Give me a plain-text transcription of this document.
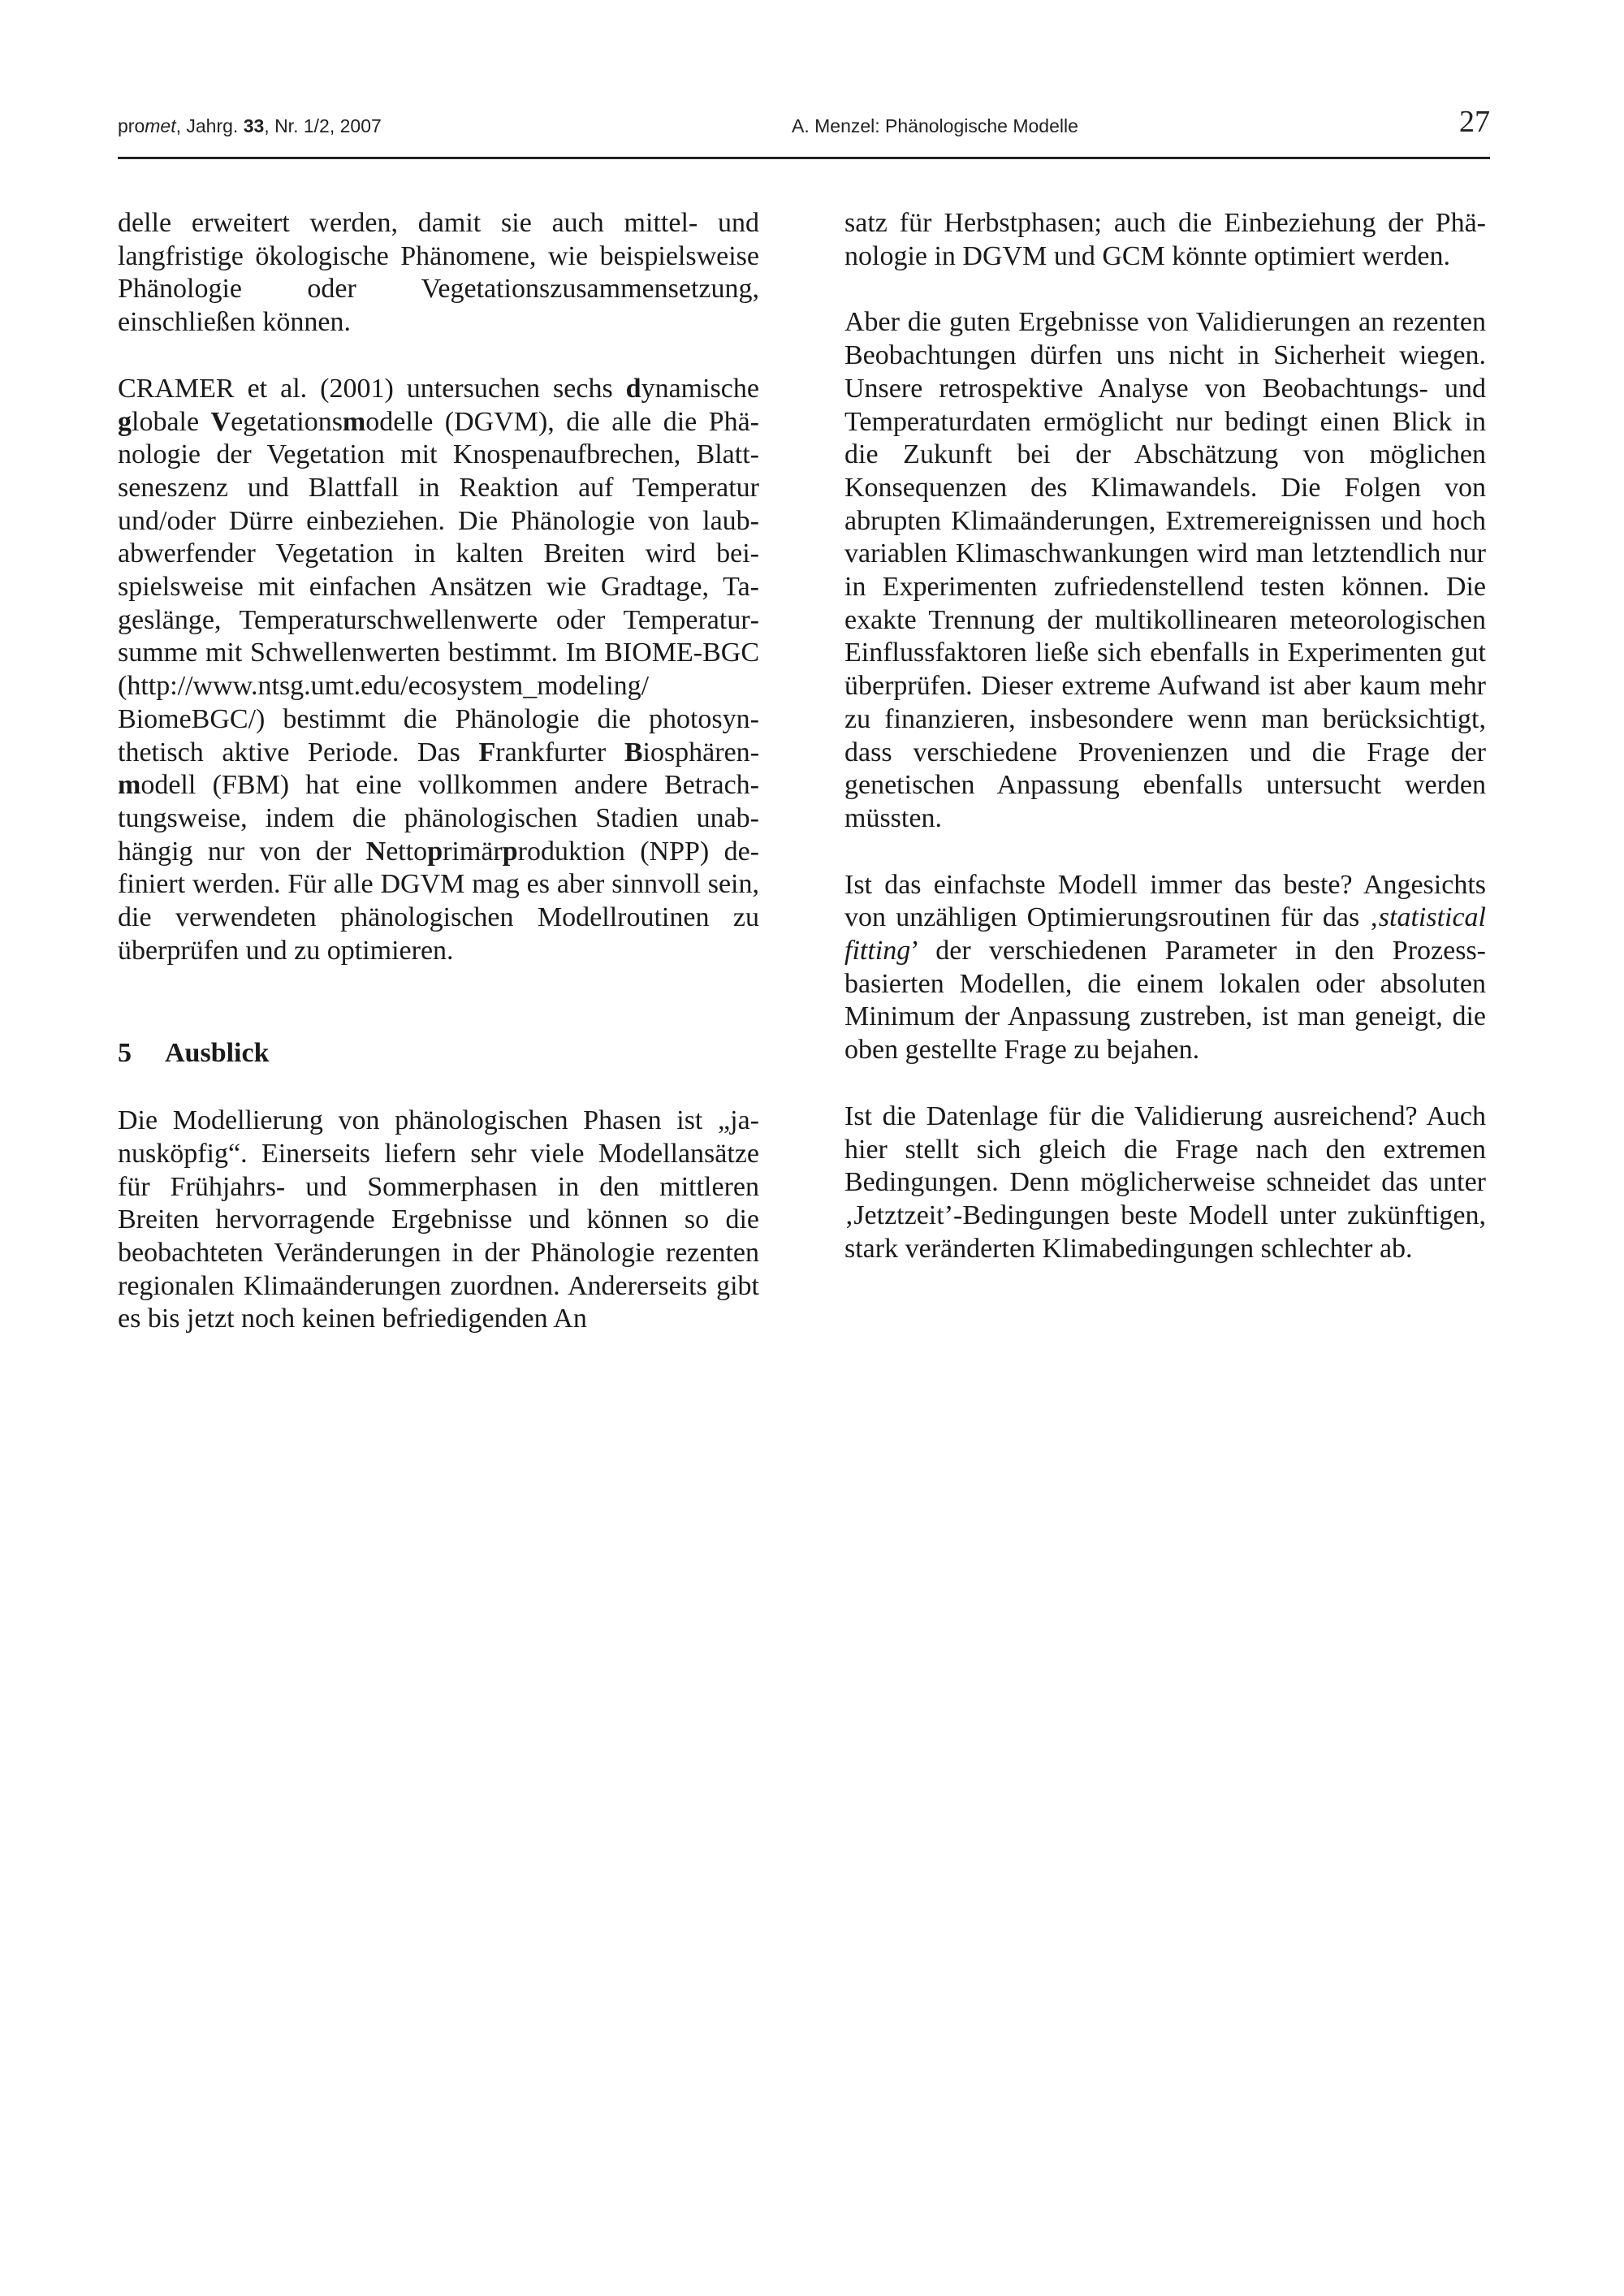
promet, Jahrg. 33, Nr. 1/2, 2007	A. Menzel: Phänologische Modelle	27

delle erweitert werden, damit sie auch mittel- und langfristige ökologische Phänomene, wie beispielsweise Phänologie oder Vegetationszusammensetzung, einschließen können.

CRAMER et al. (2001) untersuchen sechs dynamische globale Vegetationsmodelle (DGVM), die alle die Phänologie der Vegetation mit Knospenaufbrechen, Blattseneszenz und Blattfall in Reaktion auf Temperatur und/oder Dürre einbeziehen. Die Phänologie von laubabwerfender Vegetation in kalten Breiten wird beispielsweise mit einfachen Ansätzen wie Gradtage, Tageslänge, Temperaturschwellenwerte oder Temperatursumme mit Schwellenwerten bestimmt. Im BIOME-BGC (http://www.ntsg.umt.edu/ecosystem_modeling/ BiomeBGC/) bestimmt die Phänologie die photosynthetisch aktive Periode. Das Frankfurter Biosphärenmodell (FBM) hat eine vollkommen andere Betrachtungsweise, indem die phänologischen Stadien unabhängig nur von der Nettoprimärproduktion (NPP) definiert werden. Für alle DGVM mag es aber sinnvoll sein, die verwendeten phänologischen Modellroutinen zu überprüfen und zu optimieren.

5 Ausblick

Die Modellierung von phänologischen Phasen ist „janusköpfig“. Einerseits liefern sehr viele Modellansätze für Frühjahrs- und Sommerphasen in den mittleren Breiten hervorragende Ergebnisse und können so die beobachteten Veränderungen in der Phänologie rezenten regionalen Klimaänderungen zuordnen. Andererseits gibt es bis jetzt noch keinen befriedigenden An

satz für Herbstphasen; auch die Einbeziehung der Phänologie in DGVM und GCM könnte optimiert werden.

Aber die guten Ergebnisse von Validierungen an rezenten Beobachtungen dürfen uns nicht in Sicherheit wiegen. Unsere retrospektive Analyse von Beobachtungs- und Temperaturdaten ermöglicht nur bedingt einen Blick in die Zukunft bei der Abschätzung von möglichen Konsequenzen des Klimawandels. Die Folgen von abrupten Klimaänderungen, Extremereignissen und hoch variablen Klimaschwankungen wird man letztendlich nur in Experimenten zufriedenstellend testen können. Die exakte Trennung der multikollinearen meteorologischen Einflussfaktoren ließe sich ebenfalls in Experimenten gut überprüfen. Dieser extreme Aufwand ist aber kaum mehr zu finanzieren, insbesondere wenn man berücksichtigt, dass verschiedene Provenienzen und die Frage der genetischen Anpassung ebenfalls untersucht werden müssten.

Ist das einfachste Modell immer das beste? Angesichts von unzähligen Optimierungsroutinen für das ‚statistical fitting’ der verschiedenen Parameter in den Prozess-basierten Modellen, die einem lokalen oder absoluten Minimum der Anpassung zustreben, ist man geneigt, die oben gestellte Frage zu bejahen.

Ist die Datenlage für die Validierung ausreichend? Auch hier stellt sich gleich die Frage nach den extremen Bedingungen. Denn möglicherweise schneidet das unter ‚Jetztzeit’-Bedingungen beste Modell unter zukünftigen, stark veränderten Klimabedingungen schlechter ab.
